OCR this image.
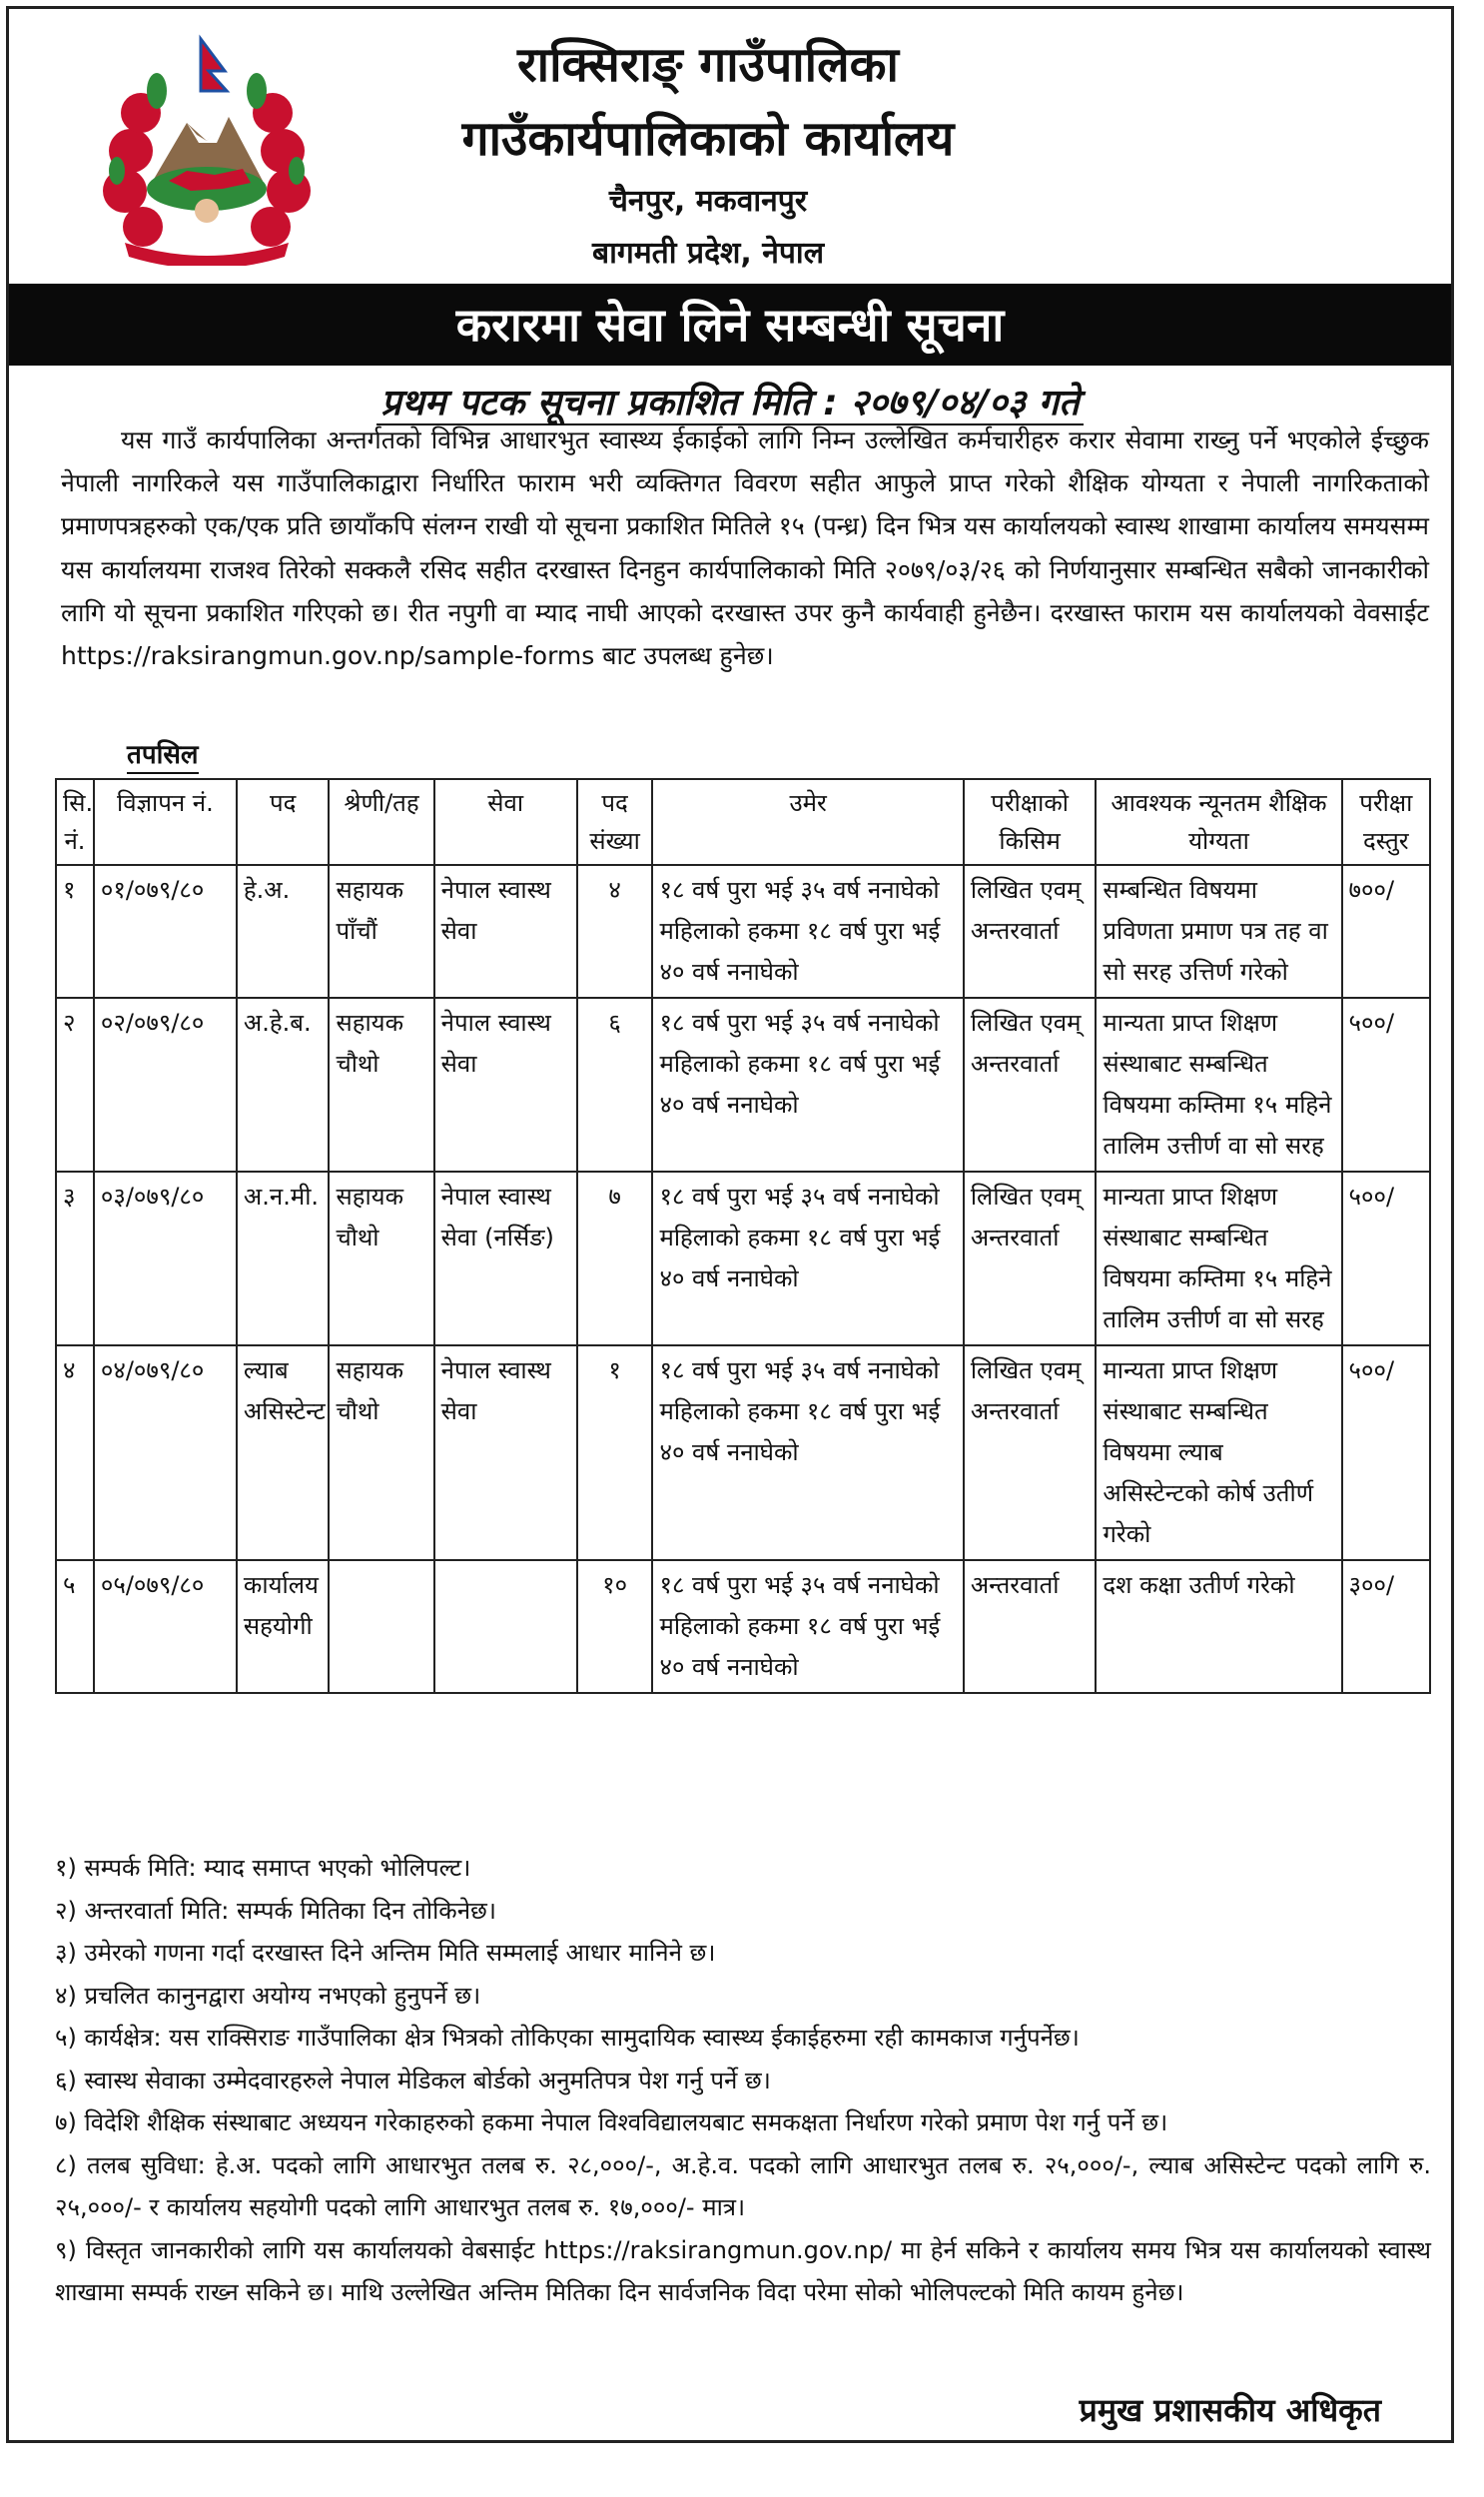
राक्सिराङ् गाउँपालिका
गाउँकार्यपालिकाको कार्यालय
चैनपुर, मकवानपुर
बागमती प्रदेश, नेपाल
करारमा सेवा लिने सम्बन्धी सूचना
प्रथम पटक सूचना प्रकाशित मिति : २०७९/०४/०३ गते
यस गाउँ कार्यपालिका अन्तर्गतको विभिन्न आधारभुत स्वास्थ्य ईकाईको लागि निम्न उल्लेखित कर्मचारीहरु करार सेवामा राख्नु पर्ने भएकोले ईच्छुक नेपाली नागरिकले यस गाउँपालिकाद्वारा निर्धारित फाराम भरी व्यक्तिगत विवरण सहीत आफुले प्राप्त गरेको शैक्षिक योग्यता र नेपाली नागरिकताको प्रमाणपत्रहरुको एक/एक प्रति छायाँकपि संलग्न राखी यो सूचना प्रकाशित मितिले १५ (पन्ध्र) दिन भित्र यस कार्यालयको स्वास्थ शाखामा कार्यालय समयसम्म यस कार्यालयमा राजश्व तिरेको सक्कलै रसिद सहीत दरखास्त दिनहुन कार्यपालिकाको मिति २०७९/०३/२६ को निर्णयानुसार सम्बन्धित सबैको जानकारीको लागि यो सूचना प्रकाशित गरिएको छ। रीत नपुगी वा म्याद नाघी आएको दरखास्त उपर कुनै कार्यवाही हुनेछैन। दरखास्त फाराम यस कार्यालयको वेवसाईट https://raksirangmun.gov.np/sample-forms बाट उपलब्ध हुनेछ।
तपसिल
सि. नं.	विज्ञापन नं.	पद	श्रेणी/तह	सेवा	पद संख्या	उमेर	परीक्षाको किसिम	आवश्यक न्यूनतम शैक्षिक योग्यता	परीक्षा दस्तुर
१	०१/०७९/८०	हे.अ.	सहायक पाँचौं	नेपाल स्वास्थ सेवा	४	१८ वर्ष पुरा भई ३५ वर्ष ननाघेको महिलाको हकमा १८ वर्ष पुरा भई ४० वर्ष ननाघेको	लिखित एवम् अन्तरवार्ता	सम्बन्धित विषयमा प्रविणता प्रमाण पत्र तह वा सो सरह उत्तिर्ण गरेको	७००/
२	०२/०७९/८०	अ.हे.ब.	सहायक चौथो	नेपाल स्वास्थ सेवा	६	१८ वर्ष पुरा भई ३५ वर्ष ननाघेको महिलाको हकमा १८ वर्ष पुरा भई ४० वर्ष ननाघेको	लिखित एवम् अन्तरवार्ता	मान्यता प्राप्त शिक्षण संस्थाबाट सम्बन्धित विषयमा कम्तिमा १५ महिने तालिम उत्तीर्ण वा सो सरह	५००/
३	०३/०७९/८०	अ.न.मी.	सहायक चौथो	नेपाल स्वास्थ सेवा (नर्सिङ)	७	१८ वर्ष पुरा भई ३५ वर्ष ननाघेको महिलाको हकमा १८ वर्ष पुरा भई ४० वर्ष ननाघेको	लिखित एवम् अन्तरवार्ता	मान्यता प्राप्त शिक्षण संस्थाबाट सम्बन्धित विषयमा कम्तिमा १५ महिने तालिम उत्तीर्ण वा सो सरह	५००/
४	०४/०७९/८०	ल्याब असिस्टेन्ट	सहायक चौथो	नेपाल स्वास्थ सेवा	१	१८ वर्ष पुरा भई ३५ वर्ष ननाघेको महिलाको हकमा १८ वर्ष पुरा भई ४० वर्ष ननाघेको	लिखित एवम् अन्तरवार्ता	मान्यता प्राप्त शिक्षण संस्थाबाट सम्बन्धित विषयमा ल्याब असिस्टेन्टको कोर्ष उतीर्ण गरेको	५००/
५	०५/०७९/८०	कार्यालय सहयोगी			१०	१८ वर्ष पुरा भई ३५ वर्ष ननाघेको महिलाको हकमा १८ वर्ष पुरा भई ४० वर्ष ननाघेको	अन्तरवार्ता	दश कक्षा उतीर्ण गरेको	३००/
१) सम्पर्क मिति: म्याद समाप्त भएको भोलिपल्ट।
२) अन्तरवार्ता मिति: सम्पर्क मितिका दिन तोकिनेछ।
३) उमेरको गणना गर्दा दरखास्त दिने अन्तिम मिति सम्मलाई आधार मानिने छ।
४) प्रचलित कानुनद्वारा अयोग्य नभएको हुनुपर्ने छ।
५) कार्यक्षेत्र: यस राक्सिराङ गाउँपालिका क्षेत्र भित्रको तोकिएका सामुदायिक स्वास्थ्य ईकाईहरुमा रही कामकाज गर्नुपर्नेछ।
६) स्वास्थ सेवाका उम्मेदवारहरुले नेपाल मेडिकल बोर्डको अनुमतिपत्र पेश गर्नु पर्ने छ।
७) विदेशि शैक्षिक संस्थाबाट अध्ययन गरेकाहरुको हकमा नेपाल विश्वविद्यालयबाट समकक्षता निर्धारण गरेको प्रमाण पेश गर्नु पर्ने छ।
८) तलब सुविधा: हे.अ. पदको लागि आधारभुत तलब रु. २८,०००/-, अ.हे.व. पदको लागि आधारभुत तलब रु. २५,०००/-, ल्याब असिस्टेन्ट पदको लागि रु. २५,०००/- र कार्यालय सहयोगी पदको लागि आधारभुत तलब रु. १७,०००/- मात्र।
९) विस्तृत जानकारीको लागि यस कार्यालयको वेबसाईट https://raksirangmun.gov.np/ मा हेर्न सकिने र कार्यालय समय भित्र यस कार्यालयको स्वास्थ शाखामा सम्पर्क राख्न सकिने छ। माथि उल्लेखित अन्तिम मितिका दिन सार्वजनिक विदा परेमा सोको भोलिपल्टको मिति कायम हुनेछ।
प्रमुख प्रशासकीय अधिकृत
